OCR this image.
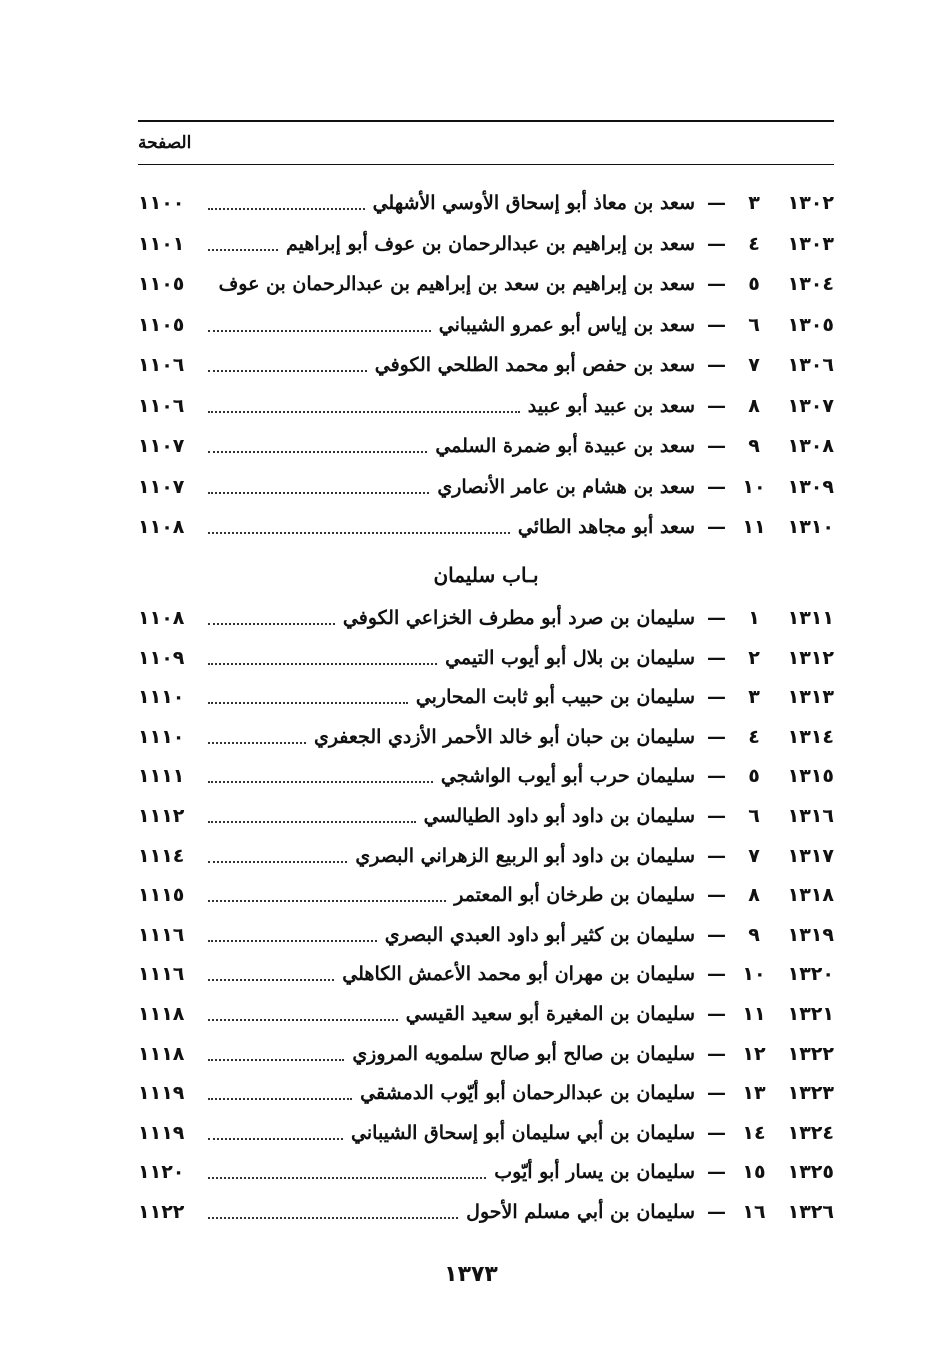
الصفحة
١١٠٠	سعد بن معاذ أبو إسحاق الأوسي الأشهلي —	٣	١٣٠٢
١١٠١	سعد بن إبراهيم بن عبدالرحمان بن عوف أبو إبراهيم —	٤	١٣٠٣
١١٠٥	سعد بن إبراهيم بن سعد بن إبراهيم بن عبدالرحمان بن عوف —	٥	١٣٠٤
١١٠٥	سعد بن إياس أبو عمرو الشيباني —	٦	١٣٠٥
١١٠٦	سعد بن حفص أبو محمد الطلحي الكوفي —	٧	١٣٠٦
١١٠٦	سعد بن عبيد أبو عبيد —	٨	١٣٠٧
١١٠٧	سعد بن عبيدة أبو ضمرة السلمي —	٩	١٣٠٨
١١٠٧	سعد بن هشام بن عامر الأنصاري — ١٠	١٣٠٩
١١٠٨	سعد أبو مجاهد الطائي — ١١	١٣١٠
بـاب سليمان
١١٠٨	سليمان بن صرد أبو مطرف الخزاعي الكوفي —	١	١٣١١
١١٠٩	سليمان بن بلال أبو أيوب التيمي —	٢	١٣١٢
١١١٠	سليمان بن حبيب أبو ثابت المحاربي —	٣	١٣١٣
١١١٠	سليمان بن حبان أبو خالد الأحمر الأزدي الجعفري —	٤	١٣١٤
١١١١	سليمان حرب أبو أيوب الواشجي —	٥	١٣١٥
١١١٢	سليمان بن داود أبو داود الطيالسي —	٦	١٣١٦
١١١٤	سليمان بن داود أبو الربيع الزهراني البصري —	٧	١٣١٧
١١١٥	سليمان بن طرخان أبو المعتمر —	٨	١٣١٨
١١١٦	سليمان بن كثير أبو داود العبدي البصري —	٩	١٣١٩
١١١٦	سليمان بن مهران أبو محمد الأعمش الكاهلي — ١٠	١٣٢٠
١١١٨	سليمان بن المغيرة أبو سعيد القيسي — ١١	١٣٢١
١١١٨	سليمان بن صالح أبو صالح سلمويه المروزي — ١٢	١٣٢٢
١١١٩	سليمان بن عبدالرحمان أبو أيّوب الدمشقي — ١٣	١٣٢٣
١١١٩	سليمان بن أبي سليمان أبو إسحاق الشيباني — ١٤	١٣٢٤
١١٢٠	سليمان بن يسار أبو أيّوب — ١٥	١٣٢٥
١١٢٢	سليمان بن أبي مسلم الأحول — ١٦	١٣٢٦
١٣٧٣
